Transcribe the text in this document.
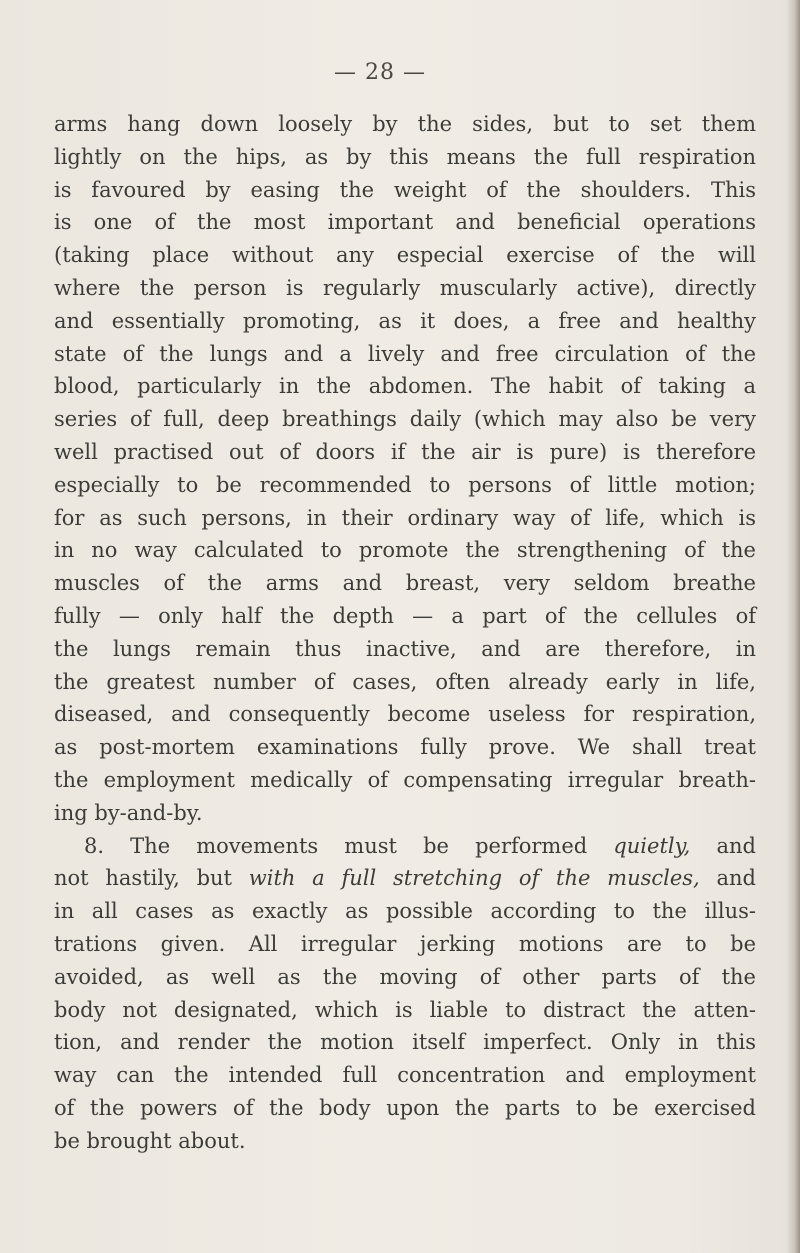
— 28 —
arms hang down loosely by the sides, but to set them
lightly on the hips, as by this means the full respiration
is favoured by easing the weight of the shoulders. This
is one of the most important and beneficial operations
(taking place without any especial exercise of the will
where the person is regularly muscularly active), directly
and essentially promoting, as it does, a free and healthy
state of the lungs and a lively and free circulation of the
blood, particularly in the abdomen. The habit of taking a
series of full, deep breathings daily (which may also be very
well practised out of doors if the air is pure) is therefore
especially to be recommended to persons of little motion;
for as such persons, in their ordinary way of life, which is
in no way calculated to promote the strengthening of the
muscles of the arms and breast, very seldom breathe
fully — only half the depth — a part of the cellules of
the lungs remain thus inactive, and are therefore, in
the greatest number of cases, often already early in life,
diseased, and consequently become useless for respiration,
as post-mortem examinations fully prove. We shall treat
the employment medically of compensating irregular breath-
ing by-and-by.
8. The movements must be performed quietly, and
not hastily, but with a full stretching of the muscles, and
in all cases as exactly as possible according to the illus-
trations given. All irregular jerking motions are to be
avoided, as well as the moving of other parts of the
body not designated, which is liable to distract the atten-
tion, and render the motion itself imperfect. Only in this
way can the intended full concentration and employment
of the powers of the body upon the parts to be exercised
be brought about.
